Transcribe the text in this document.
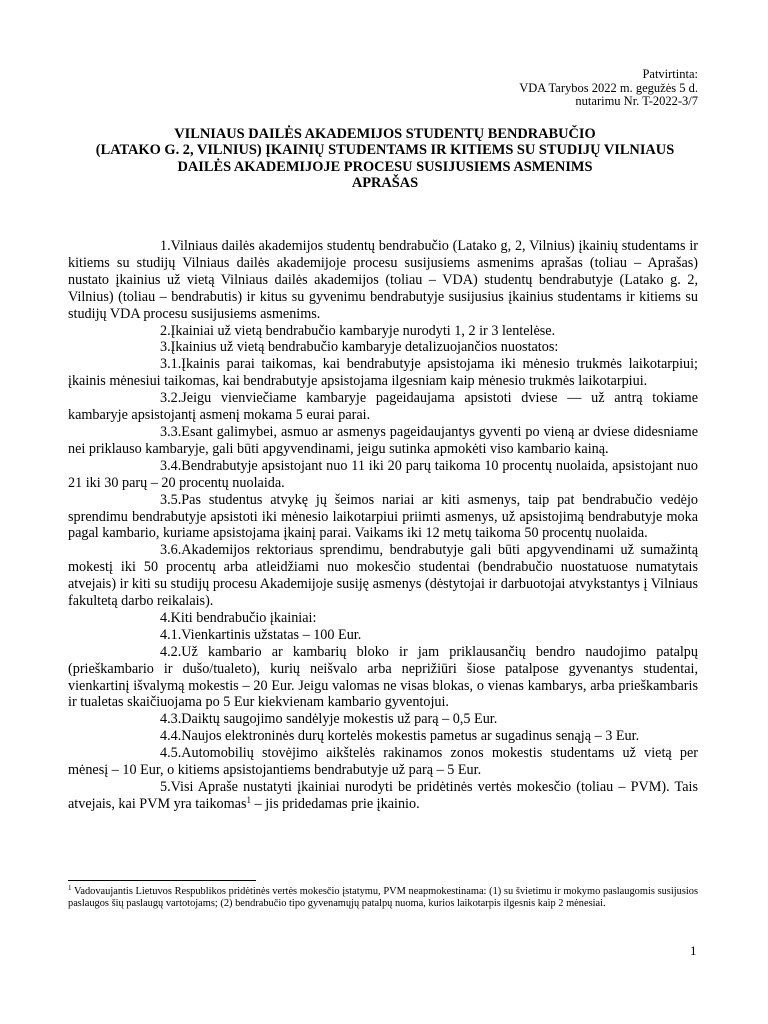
Patvirtinta:
VDA Tarybos 2022 m. gegužės 5 d.
nutarimu Nr. T-2022-3/7
VILNIAUS DAILĖS AKADEMIJOS STUDENTŲ BENDRABUČIO
(LATAKO G. 2, VILNIUS) ĮKAINIŲ STUDENTAMS IR KITIEMS SU STUDIJŲ VILNIAUS
DAILĖS AKADEMIJOJE PROCESU SUSIJUSIEMS ASMENIMS
APRAŠAS

1.Vilniaus dailės akademijos studentų bendrabučio (Latako g, 2, Vilnius) įkainių studentams ir kitiems su studijų Vilniaus dailės akademijoje procesu susijusiems asmenims aprašas (toliau – Aprašas) nustato įkainius už vietą Vilniaus dailės akademijos (toliau – VDA) studentų bendrabutyje (Latako g. 2, Vilnius) (toliau – bendrabutis) ir kitus su gyvenimu bendrabutyje susijusius įkainius studentams ir kitiems su studijų VDA procesu susijusiems asmenims.

2.Įkainiai už vietą bendrabučio kambaryje nurodyti 1, 2 ir 3 lentelėse.

3.Įkainius už vietą bendrabučio kambaryje detalizuojančios nuostatos:

3.1.Įkainis parai taikomas, kai bendrabutyje apsistojama iki mėnesio trukmės laikotarpiui; įkainis mėnesiui taikomas, kai bendrabutyje apsistojama ilgesniam kaip mėnesio trukmės laikotarpiui.

3.2.Jeigu vienviečiame kambaryje pageidaujama apsistoti dviese — už antrą tokiame kambaryje apsistojantį asmenį mokama 5 eurai parai.

3.3.Esant galimybei, asmuo ar asmenys pageidaujantys gyventi po vieną ar dviese didesniame nei priklauso kambaryje, gali būti apgyvendinami, jeigu sutinka apmokėti viso kambario kainą.

3.4.Bendrabutyje apsistojant nuo 11 iki 20 parų taikoma 10 procentų nuolaida, apsistojant nuo 21 iki 30 parų – 20 procentų nuolaida.

3.5.Pas studentus atvykę jų šeimos nariai ar kiti asmenys, taip pat bendrabučio vedėjo sprendimu bendrabutyje apsistoti iki mėnesio laikotarpiui priimti asmenys, už apsistojimą bendrabutyje moka pagal kambario, kuriame apsistojama įkainį parai. Vaikams iki 12 metų taikoma 50 procentų nuolaida.

3.6.Akademijos rektoriaus sprendimu, bendrabutyje gali būti apgyvendinami už sumažintą mokestį iki 50 procentų arba atleidžiami nuo mokesčio studentai (bendrabučio nuostatuose numatytais atvejais) ir kiti su studijų procesu Akademijoje susiję asmenys (dėstytojai ir darbuotojai atvykstantys į Vilniaus fakultetą darbo reikalais).

4.Kiti bendrabučio įkainiai:

4.1.Vienkartinis užstatas – 100 Eur.

4.2.Už kambario ar kambarių bloko ir jam priklausančių bendro naudojimo patalpų (prieškambario ir dušo/tualeto), kurių neišvalo arba neprižiūri šiose patalpose gyvenantys studentai, vienkartinį išvalymą mokestis – 20 Eur. Jeigu valomas ne visas blokas, o vienas kambarys, arba prieškambaris ir tualetas skaičiuojama po 5 Eur kiekvienam kambario gyventojui.

4.3.Daiktų saugojimo sandėlyje mokestis už parą – 0,5 Eur.

4.4.Naujos elektroninės durų kortelės mokestis pametus ar sugadinus senąją – 3 Eur.

4.5.Automobilių stovėjimo aikštelės rakinamos zonos mokestis studentams už vietą per mėnesį – 10 Eur, o kitiems apsistojantiems bendrabutyje už parą – 5 Eur.

5.Visi Apraše nustatyti įkainiai nurodyti be pridėtinės vertės mokesčio (toliau – PVM). Tais atvejais, kai PVM yra taikomas$^1$ – jis pridedamas prie įkainio.

$^1$ Vadovaujantis Lietuvos Respublikos pridėtinės vertės mokesčio įstatymu, PVM neapmokestinama: (1) su švietimu ir mokymo paslaugomis susijusios paslaugos šių paslaugų vartotojams; (2) bendrabučio tipo gyvenamųjų patalpų nuoma, kurios laikotarpis ilgesnis kaip 2 mėnesiai.
1
